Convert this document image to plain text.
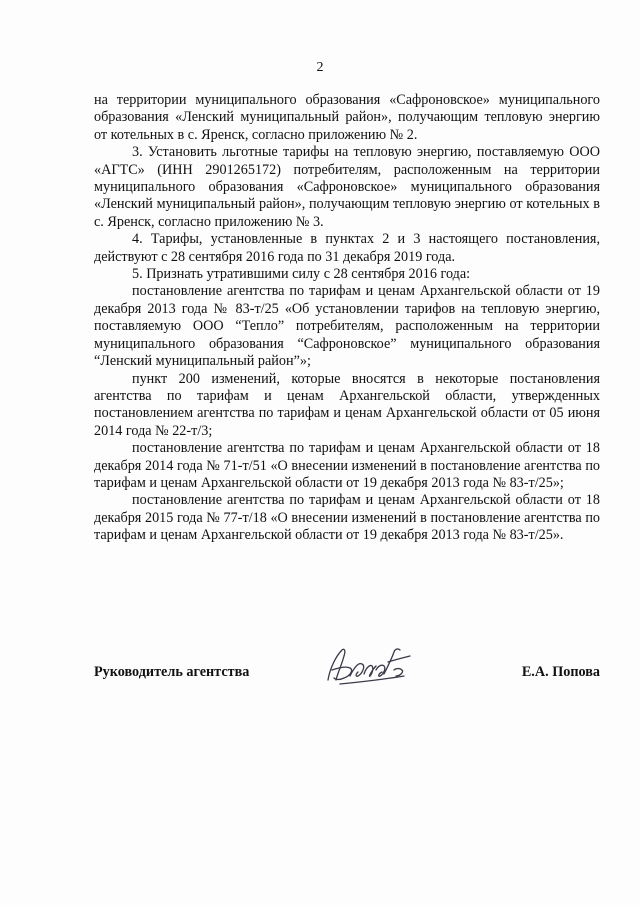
2

на территории муниципального образования «Сафроновское» муниципального образования «Ленский муниципальный район», получающим тепловую энергию от котельных в с. Яренск, согласно приложению № 2.

3. Установить льготные тарифы на тепловую энергию, поставляемую ООО «АГТС» (ИНН 2901265172) потребителям, расположенным на территории муниципального образования «Сафроновское» муниципального образования «Ленский муниципальный район», получающим тепловую энергию от котельных в с. Яренск, согласно приложению № 3.

4. Тарифы, установленные в пунктах 2 и 3 настоящего постановления, действуют с 28 сентября 2016 года по 31 декабря 2019 года.

5. Признать утратившими силу с 28 сентября 2016 года:

постановление агентства по тарифам и ценам Архангельской области от 19 декабря 2013 года № 83-т/25 «Об установлении тарифов на тепловую энергию, поставляемую ООО “Тепло” потребителям, расположенным на территории муниципального образования “Сафроновское” муниципального образования “Ленский муниципальный район”»;

пункт 200 изменений, которые вносятся в некоторые постановления агентства по тарифам и ценам Архангельской области, утвержденных постановлением агентства по тарифам и ценам Архангельской области от 05 июня 2014 года № 22-т/3;

постановление агентства по тарифам и ценам Архангельской области от 18 декабря 2014 года № 71-т/51 «О внесении изменений в постановление агентства по тарифам и ценам Архангельской области от 19 декабря 2013 года № 83-т/25»;

постановление агентства по тарифам и ценам Архангельской области от 18 декабря 2015 года № 77-т/18 «О внесении изменений в постановление агентства по тарифам и ценам Архангельской области от 19 декабря 2013 года № 83-т/25».

Руководитель агентства	Е.А. Попова
